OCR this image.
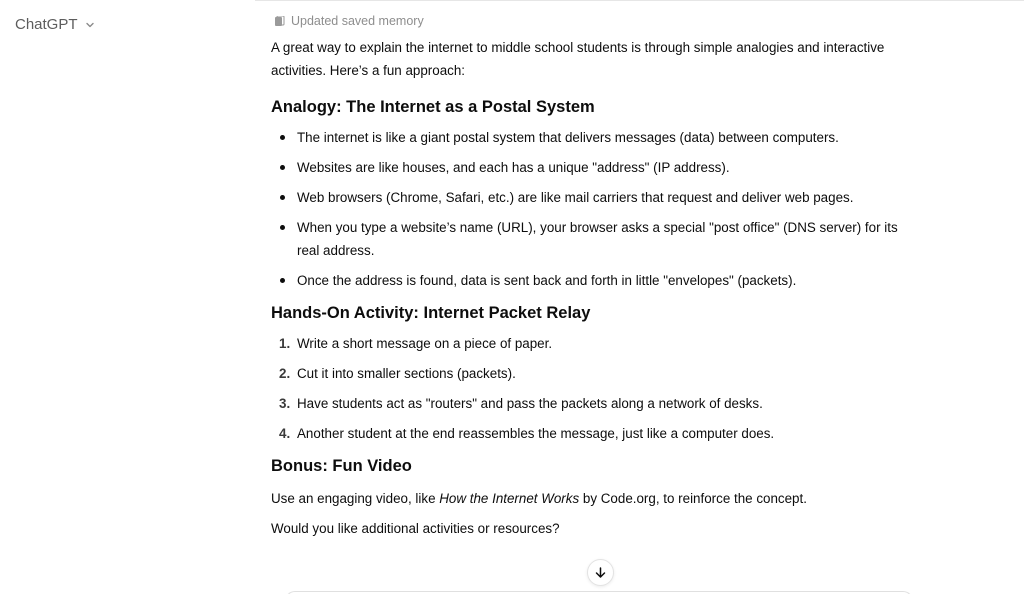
ChatGPT	Updated saved memory

A great way to explain the internet to middle school students is through simple analogies and interactive activities. Here’s a fun approach:

Analogy: The Internet as a Postal System
The internet is like a giant postal system that delivers messages (data) between computers.
Websites are like houses, and each has a unique "address" (IP address).
Web browsers (Chrome, Safari, etc.) are like mail carriers that request and deliver web pages.
When you type a website’s name (URL), your browser asks a special "post office" (DNS server) for its real address.
Once the address is found, data is sent back and forth in little "envelopes" (packets).
Hands-On Activity: Internet Packet Relay
1. Write a short message on a piece of paper.
2. Cut it into smaller sections (packets).
3. Have students act as "routers" and pass the packets along a network of desks.
4. Another student at the end reassembles the message, just like a computer does.
Bonus: Fun Video

Use an engaging video, like How the Internet Works by Code.org, to reinforce the concept.

Would you like additional activities or resources?
